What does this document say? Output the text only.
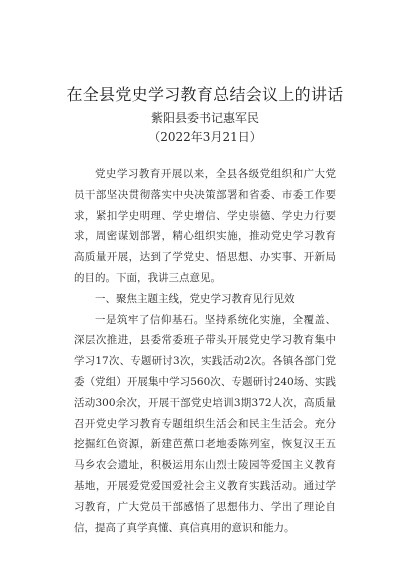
在全县党史学习教育总结会议上的讲话
紫阳县委书记惠军民
（2022年3月21日）

党史学习教育开展以来，全县各级党组织和广大党员干部坚决贯彻落实中央决策部署和省委、市委工作要求，紧扣学史明理、学史增信、学史崇德、学史力行要求，周密谋划部署，精心组织实施，推动党史学习教育高质量开展，达到了学党史、悟思想、办实事、开新局的目的。下面，我讲三点意见。

一、聚焦主题主线，党史学习教育见行见效

一是筑牢了信仰基石。坚持系统化实施，全覆盖、深层次推进，县委常委班子带头开展党史学习教育集中学习17次、专题研讨3次，实践活动2次。各镇各部门党委（党组）开展集中学习560次、专题研讨240场、实践活动300余次，开展干部党史培训3期372人次，高质量召开党史学习教育专题组织生活会和民主生活会。充分挖掘红色资源，新建芭蕉口老地委陈列室，恢复汉王五马乡农会遗址，积极运用东山烈士陵园等爱国主义教育基地，开展爱党爱国爱社会主义教育实践活动。通过学习教育，广大党员干部感悟了思想伟力、学出了理论自信，提高了真学真懂、真信真用的意识和能力。
